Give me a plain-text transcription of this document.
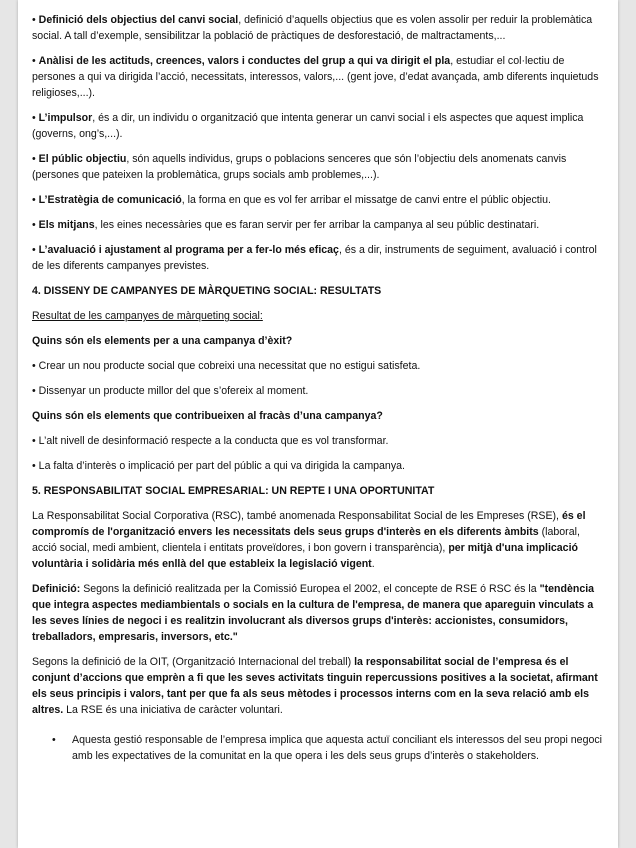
• Definició dels objectius del canvi social, definició d’aquells objectius que es volen assolir per reduir la problemàtica social. A tall d’exemple, sensibilitzar la població de pràctiques de desforestació, de maltractaments,...

• Anàlisi de les actituds, creences, valors i conductes del grup a qui va dirigit el pla, estudiar el col·lectiu de persones a qui va dirigida l’acció, necessitats, interessos, valors,... (gent jove, d’edat avançada, amb diferents inquietuds religioses,...).

• L’impulsor, és a dir, un individu o organització que intenta generar un canvi social i els aspectes que aquest implica (governs, ong’s,...).

• El públic objectiu, són aquells individus, grups o poblacions senceres que són l’objectiu dels anomenats canvis (persones que pateixen la problemàtica, grups socials amb problemes,...).

• L’Estratègia de comunicació, la forma en que es vol fer arribar el missatge de canvi entre el públic objectiu.

• Els mitjans, les eines necessàries que es faran servir per fer arribar la campanya al seu públic destinatari.

• L’avaluació i ajustament al programa per a fer-lo més eficaç, és a dir, instruments de seguiment, avaluació i control de les diferents campanyes previstes.

4. DISSENY DE CAMPANYES DE MÀRQUETING SOCIAL: RESULTATS

Resultat de les campanyes de màrqueting social:

Quins són els elements per a una campanya d’èxit?

• Crear un nou producte social que cobreixi una necessitat que no estigui satisfeta.

• Dissenyar un producte millor del que s’ofereix al moment.

Quins són els elements que contribueixen al fracàs d’una campanya?

• L’alt nivell de desinformació respecte a la conducta que es vol transformar.

• La falta d’interès o implicació per part del públic a qui va dirigida la campanya.

5. RESPONSABILITAT SOCIAL EMPRESARIAL: UN REPTE I UNA OPORTUNITAT

La Responsabilitat Social Corporativa (RSC), també anomenada Responsabilitat Social de les Empreses (RSE), és el compromís de l'organització envers les necessitats dels seus grups d'interès en els diferents àmbits (laboral, acció social, medi ambient, clientela i entitats proveïdores, i bon govern i transparència), per mitjà d'una implicació voluntària i solidària més enllà del que estableix la legislació vigent.

Definició: Segons la definició realitzada per la Comissió Europea el 2002, el concepte de RSE ó RSC és la "tendència que integra aspectes mediambientals o socials en la cultura de l'empresa, de manera que apareguin vinculats a les seves línies de negoci i es realitzin involucrant als diversos grups d'interès: accionistes, consumidors, treballadors, empresaris, inversors, etc."

Segons la definició de la OIT, (Organització Internacional del treball) la responsabilitat social de l’empresa és el conjunt d’accions que emprèn a fi que les seves activitats tinguin repercussions positives a la societat, afirmant els seus principis i valors, tant per que fa als seus mètodes i processos interns com en la seva relació amb els altres. La RSE és una iniciativa de caràcter voluntari.

• Aquesta gestió responsable de l’empresa implica que aquesta actuï conciliant els interessos del seu propi negoci amb les expectatives de la comunitat en la que opera i les dels seus grups d’interès o stakeholders.
